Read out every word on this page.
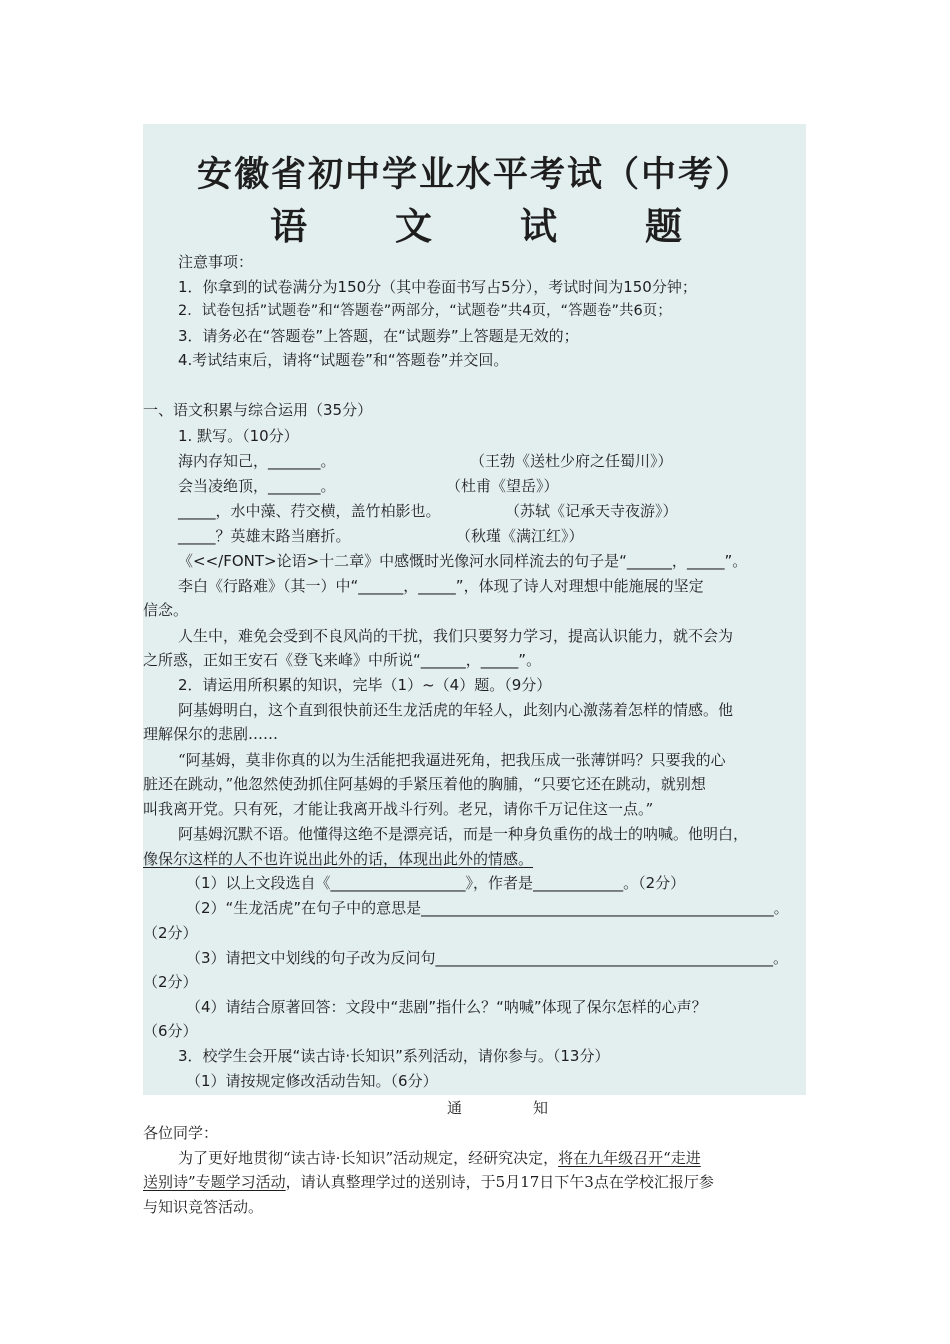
安徽省初中学业水平考试（中考）
语 文 试 题
注意事项：
1．你拿到的试卷满分为150分（其中卷面书写占5分），考试时间为150分钟；
2．试卷包括”试题卷”和“答题卷”两部分，“试题卷”共4页，“答题卷”共6页；
3．请务必在“答题卷”上答题，在“试题券”上答题是无效的；
4.考试结束后，请将“试题卷”和“答题卷”并交回。
一、语文积累与综合运用（35分）
1. 默写。（10分）
海内存知己，_______。	（王勃《送杜少府之任蜀川》）
会当凌绝顶，_______。	（杜甫《望岳》）
_____，水中藻、荇交横，盖竹柏影也。	（苏轼《记承天寺夜游》）
_____？英雄末路当磨折。	（秋瑾《满江红》）
《<</FONT>论语>十二章》中感慨时光像河水同样流去的句子是“______，_____”。
李白《行路难》（其一）中“______，_____”，体现了诗人对理想中能施展的坚定
信念。
人生中，难免会受到不良风尚的干扰，我们只要努力学习，提高认识能力，就不会为
之所惑，正如王安石《登飞来峰》中所说“______，_____”。
2．请运用所积累的知识，完毕（1）~（4）题。（9分）
阿基姆明白，这个直到很快前还生龙活虎的年轻人，此刻内心激荡着怎样的情感。他
理解保尔的悲剧……
“阿基姆，莫非你真的以为生活能把我逼进死角，把我压成一张薄饼吗？只要我的心
脏还在跳动，”他忽然使劲抓住阿基姆的手紧压着他的胸脯，“只要它还在跳动，就别想
叫我离开党。只有死，才能让我离开战斗行列。老兄，请你千万记住这一点。”
阿基姆沉默不语。他懂得这绝不是漂亮话，而是一种身负重伤的战士的呐喊。他明白，
像保尔这样的人不也许说出此外的话，体现出此外的情感。
（1）以上文段选自《__________________》，作者是____________。（2分）
（2）“生龙活虎”在句子中的意思是_______________________________________________。
（2分）
（3）请把文中划线的句子改为反问句_____________________________________________。
（2分）
（4）请结合原著回答：文段中“悲剧”指什么？“呐喊”体现了保尔怎样的心声？
（6分）
3．校学生会开展“读古诗·长知识”系列活动，请你参与。（13分）
（1）请按规定修改活动告知。（6分）
通	知
各位同学：
为了更好地贯彻“读古诗·长知识”活动规定，经研究决定，将在九年级召开“走进
送别诗”专题学习活动，请认真整理学过的送别诗，于5月17日下午3点在学校汇报厅参
与知识竞答活动。
